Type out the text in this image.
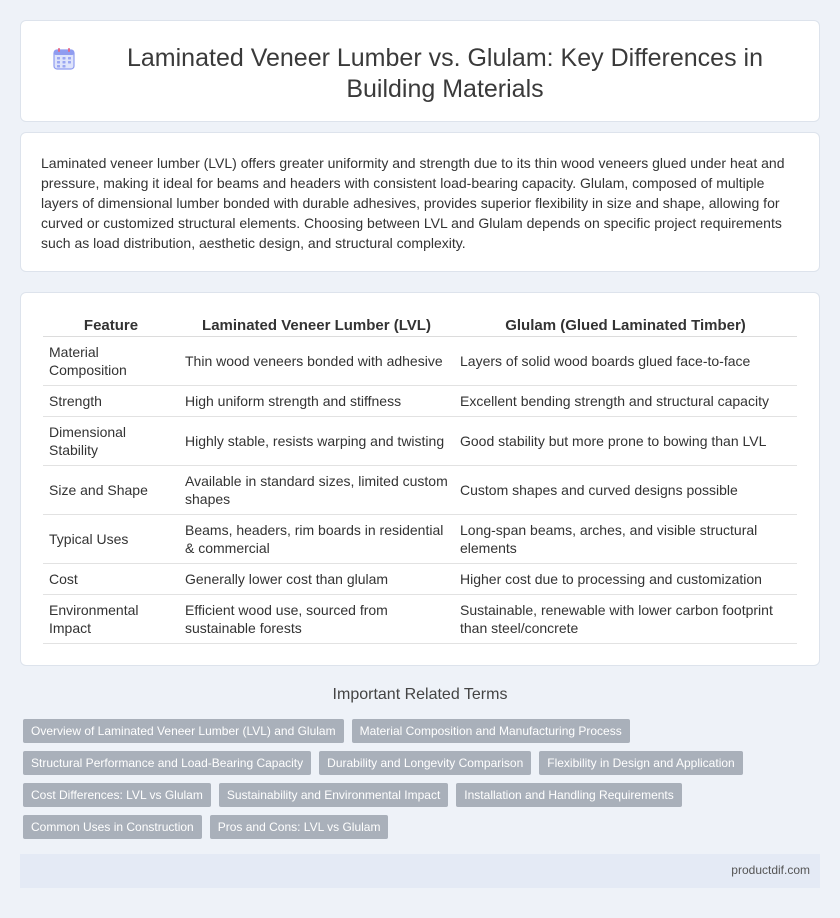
Laminated Veneer Lumber vs. Glulam: Key Differences in Building Materials

Laminated veneer lumber (LVL) offers greater uniformity and strength due to its thin wood veneers glued under heat and pressure, making it ideal for beams and headers with consistent load-bearing capacity. Glulam, composed of multiple layers of dimensional lumber bonded with durable adhesives, provides superior flexibility in size and shape, allowing for curved or customized structural elements. Choosing between LVL and Glulam depends on specific project requirements such as load distribution, aesthetic design, and structural complexity.

Feature	Laminated Veneer Lumber (LVL)	Glulam (Glued Laminated Timber)
Material Composition	Thin wood veneers bonded with adhesive	Layers of solid wood boards glued face-to-face
Strength	High uniform strength and stiffness	Excellent bending strength and structural capacity
Dimensional Stability	Highly stable, resists warping and twisting	Good stability but more prone to bowing than LVL
Size and Shape	Available in standard sizes, limited custom shapes	Custom shapes and curved designs possible
Typical Uses	Beams, headers, rim boards in residential & commercial	Long-span beams, arches, and visible structural elements
Cost	Generally lower cost than glulam	Higher cost due to processing and customization
Environmental Impact	Efficient wood use, sourced from sustainable forests	Sustainable, renewable with lower carbon footprint than steel/concrete
Important Related Terms
Overview of Laminated Veneer Lumber (LVL) and Glulam	Material Composition and Manufacturing Process
Structural Performance and Load-Bearing Capacity	Durability and Longevity Comparison	Flexibility in Design and Application
Cost Differences: LVL vs Glulam	Sustainability and Environmental Impact	Installation and Handling Requirements
Common Uses in Construction	Pros and Cons: LVL vs Glulam
productdif.com
